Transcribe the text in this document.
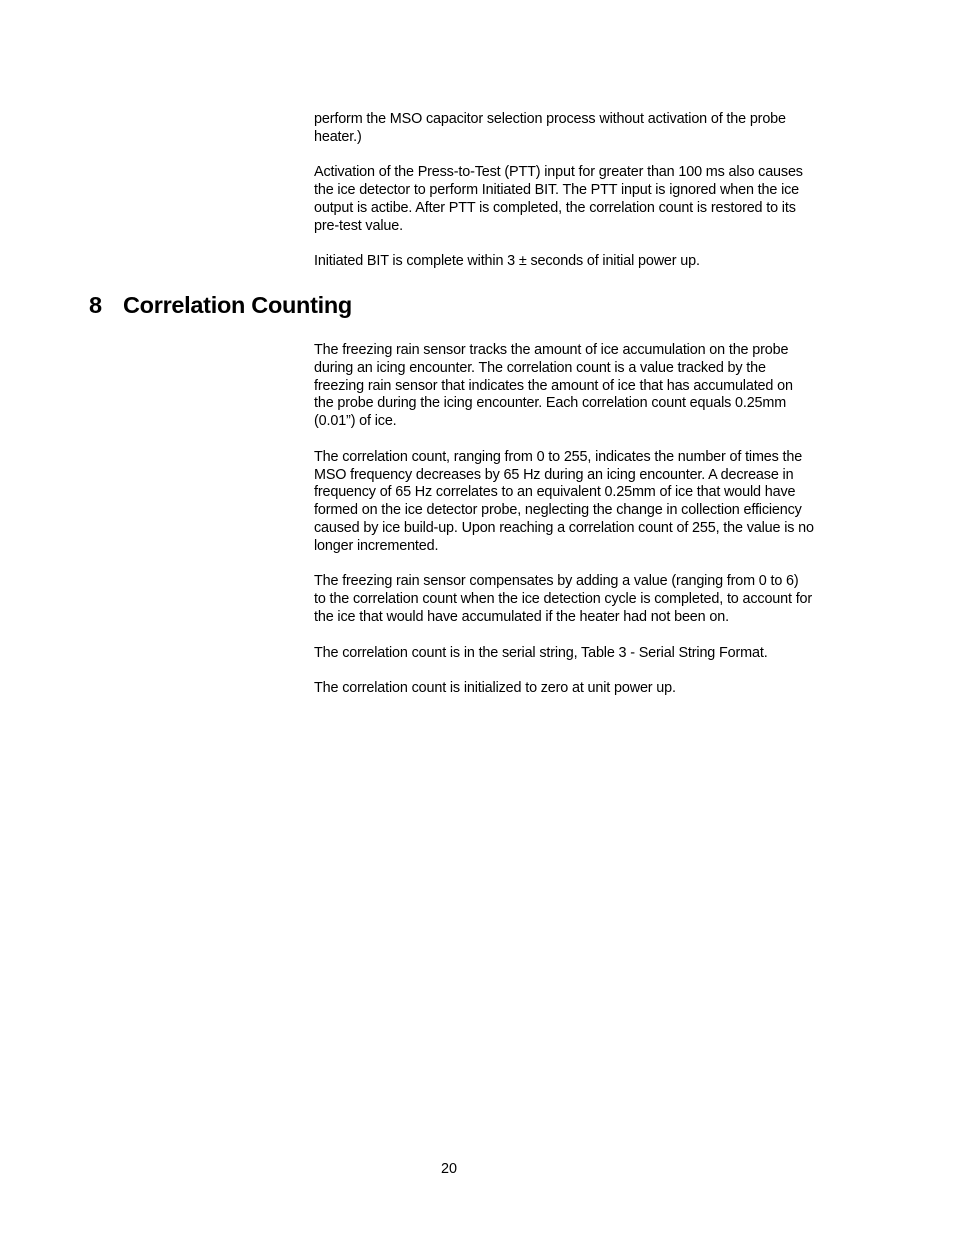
perform the MSO capacitor selection process without activation of the probe heater.)

Activation of the Press-to-Test (PTT) input for greater than 100 ms also causes the ice detector to perform Initiated BIT. The PTT input is ignored when the ice output is actibe. After PTT is completed, the correlation count is restored to its pre-test value.

Initiated BIT is complete within 3 ± seconds of initial power up.

8 Correlation Counting

The freezing rain sensor tracks the amount of ice accumulation on the probe during an icing encounter. The correlation count is a value tracked by the freezing rain sensor that indicates the amount of ice that has accumulated on the probe during the icing encounter. Each correlation count equals 0.25mm (0.01”) of ice.

The correlation count, ranging from 0 to 255, indicates the number of times the MSO frequency decreases by 65 Hz during an icing encounter. A decrease in frequency of 65 Hz correlates to an equivalent 0.25mm of ice that would have formed on the ice detector probe, neglecting the change in collection efficiency caused by ice build-up. Upon reaching a correlation count of 255, the value is no longer incremented.

The freezing rain sensor compensates by adding a value (ranging from 0 to 6) to the correlation count when the ice detection cycle is completed, to account for the ice that would have accumulated if the heater had not been on.

The correlation count is in the serial string, Table 3 - Serial String Format.

The correlation count is initialized to zero at unit power up.

20
